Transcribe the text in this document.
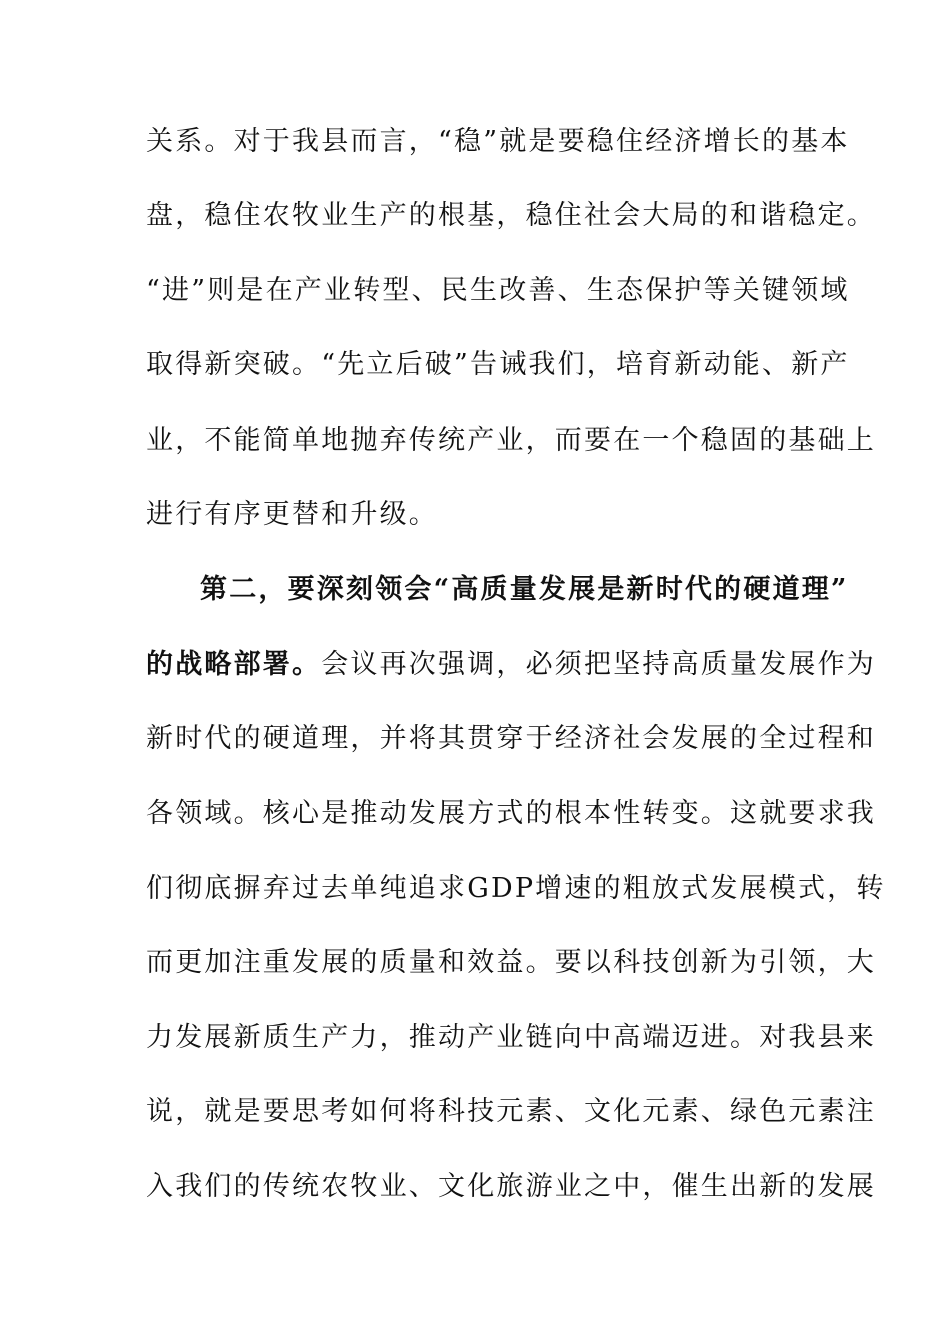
关系。对于我县而言，“稳”就是要稳住经济增长的基本
盘，稳住农牧业生产的根基，稳住社会大局的和谐稳定。
“进”则是在产业转型、民生改善、生态保护等关键领域
取得新突破。“先立后破”告诫我们，培育新动能、新产
业，不能简单地抛弃传统产业，而要在一个稳固的基础上
进行有序更替和升级。
第二，要深刻领会“高质量发展是新时代的硬道理”
的战略部署。会议再次强调，必须把坚持高质量发展作为
新时代的硬道理，并将其贯穿于经济社会发展的全过程和
各领域。核心是推动发展方式的根本性转变。这就要求我
们彻底摒弃过去单纯追求GDP增速的粗放式发展模式，转
而更加注重发展的质量和效益。要以科技创新为引领，大
力发展新质生产力，推动产业链向中高端迈进。对我县来
说，就是要思考如何将科技元素、文化元素、绿色元素注
入我们的传统农牧业、文化旅游业之中，催生出新的发展
